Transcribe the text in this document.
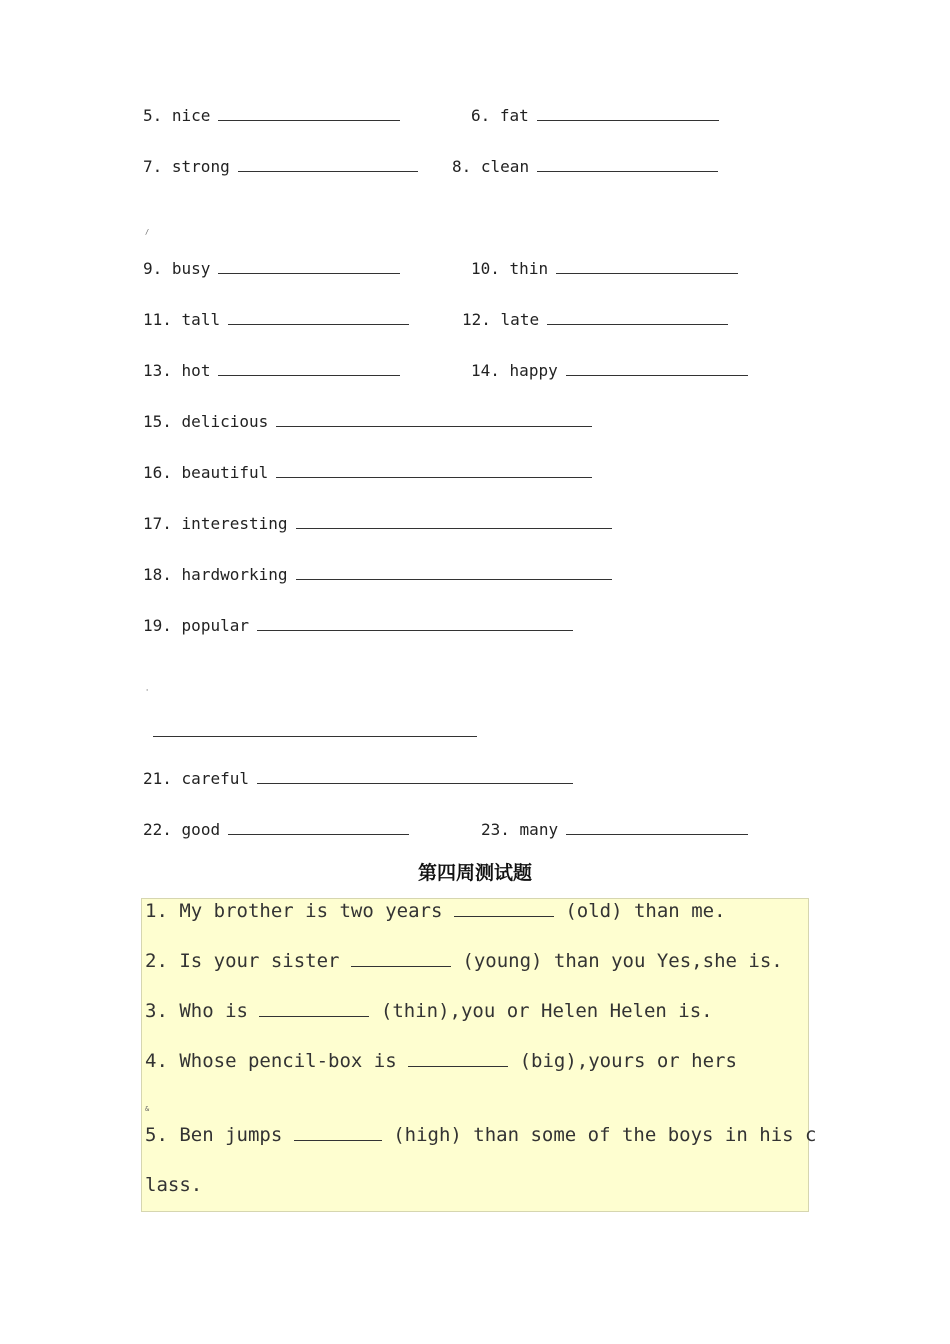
5. nice	6. fat
7. strong	8. clean
/
9. busy	10. thin
11. tall	12. late
13. hot	14. happy
15. delicious
16. beautiful
17. interesting
18. hardworking
19. popular
'
21. careful
22. good	23. many
第四周测试题
1. My brother is two years	(old) than me.
2. Is your sister	(young) than you Yes,she is.
3. Who is	(thin),you or Helen Helen is.
4. Whose pencil-box is	(big),yours or hers
&
5. Ben jumps	(high) than some of the boys in his c
lass.
